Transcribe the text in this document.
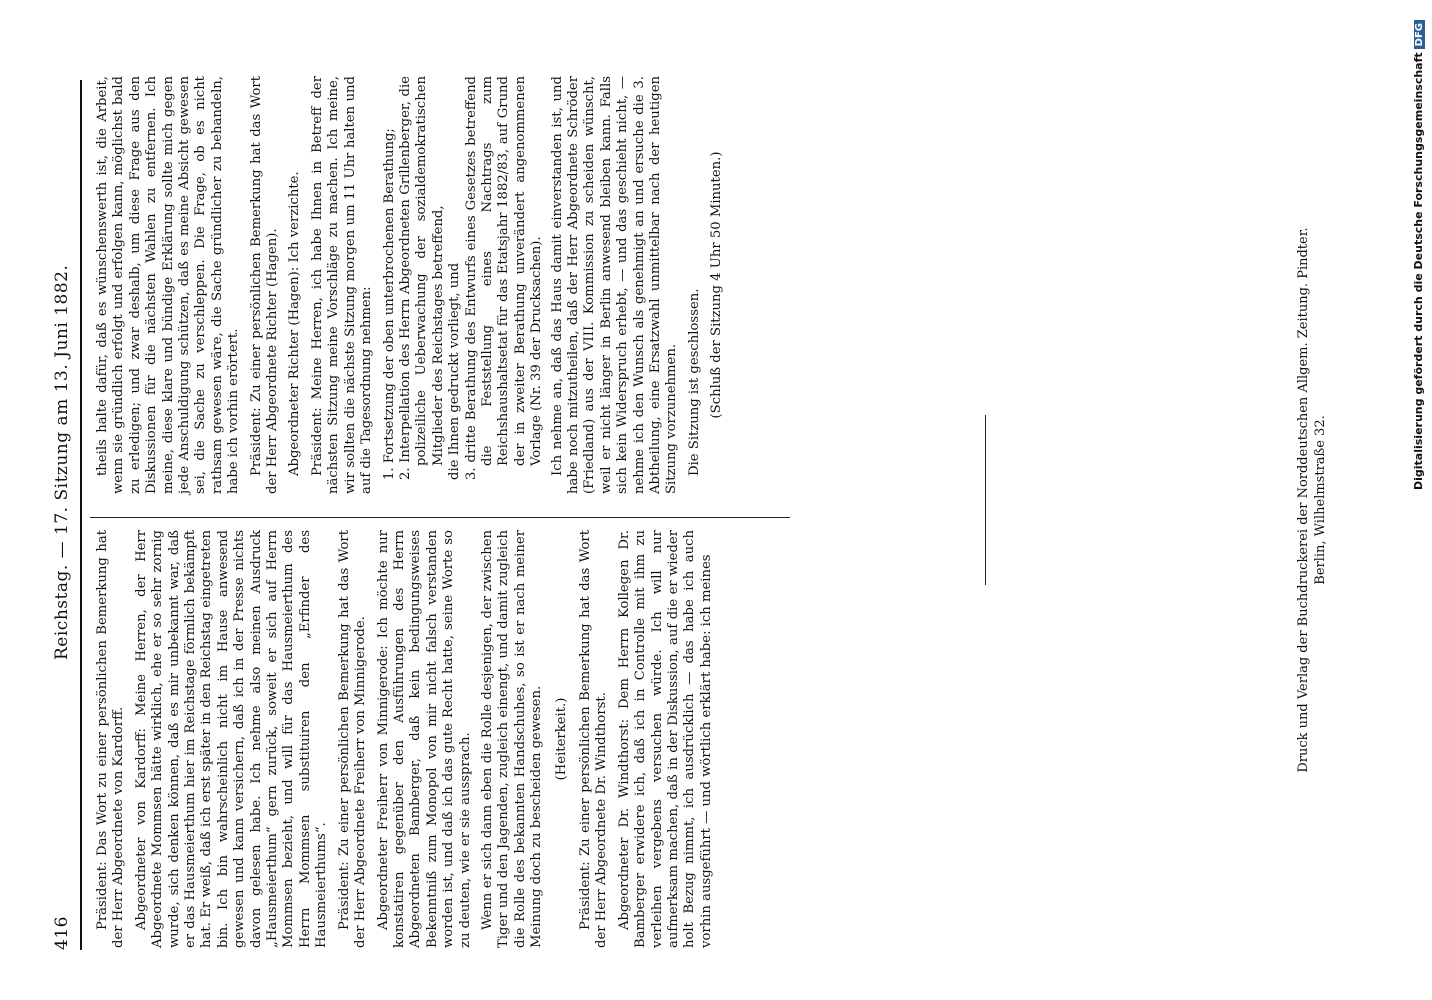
416
Reichstag. — 17. Sitzung am 13. Juni 1882.

Präsident: Das Wort zu einer persönlichen Bemerkung hat der Herr Abgeordnete von Kardorff. Abgeordneter von Kardorff: Meine Herren, der Herr Abgeordnete Mommsen hätte wirklich, ehe er so sehr zornig wurde, sich denken können, daß es mir unbekannt war, daß er das Hausmeierthum hier im Reichstage förmlich bekämpft hat. Er weiß, daß ich erst später in den Reichstag eingetreten bin. Ich bin wahrscheinlich nicht im Hause anwesend gewesen und kann versichern, daß ich in der Presse nichts davon gelesen habe. Ich nehme also meinen Ausdruck „Hausmeierthum“ gern zurück, soweit er sich auf Herrn Mommsen bezieht, und will für das Hausmeierthum des Herrn Mommsen substituiren den „Erfinder des Hausmeierthums“. Präsident: Zu einer persönlichen Bemerkung hat das Wort der Herr Abgeordnete Freiherr von Minnigerode. Abgeordneter Freiherr von Minnigerode: Ich möchte nur konstatiren gegenüber den Ausführungen des Herrn Abgeordneten Bamberger, daß kein bedingungsweises Bekenntniß zum Monopol von mir nicht falsch verstanden worden ist, und daß ich das gute Recht hatte, seine Worte so zu deuten, wie er sie aussprach. Wenn er sich dann eben die Rolle desjenigen, der zwischen Tiger und den Jagenden, zugleich einengt, und damit zugleich die Rolle des bekannten Handschuhes, so ist er nach meiner Meinung doch zu bescheiden gewesen. (Heiterkeit.) Präsident: Zu einer persönlichen Bemerkung hat das Wort der Herr Abgeordnete Dr. Windthorst. Abgeordneter Dr. Windthorst: Dem Herrn Kollegen Dr. Bamberger erwidere ich, daß ich in Controlle mit ihm zu verleihen vergebens versuchen würde. Ich will nur aufmerksam machen, daß in der Diskussion, auf die er wieder holt Bezug nimmt, ich ausdrücklich — das habe ich auch vorhin ausgeführt — und wörtlich erklärt habe: ich meines

theils halte dafür, daß es wünschenswerth ist, die Arbeit, wenn sie gründlich erfolgt und erfolgen kann, möglichst bald zu erledigen; und zwar deshalb, um diese Frage aus den Diskussionen für die nächsten Wahlen zu entfernen. Ich meine, diese klare und bündige Erklärung sollte mich gegen jede Anschuldigung schützen, daß es meine Absicht gewesen sei, die Sache zu verschleppen. Die Frage, ob es nicht rathsam gewesen wäre, die Sache gründlicher zu behandeln, habe ich vorhin erörtert. Präsident: Zu einer persönlichen Bemerkung hat das Wort der Herr Abgeordnete Richter (Hagen). Abgeordneter Richter (Hagen): Ich verzichte. Präsident: Meine Herren, ich habe Ihnen in Betreff der nächsten Sitzung meine Vorschläge zu machen. Ich meine, wir sollten die nächste Sitzung morgen um 11 Uhr halten und auf die Tagesordnung nehmen: 1. Fortsetzung der oben unterbrochenen Berathung; 2. Interpellation des Herrn Abgeordneten Grillenberger, die polizeiliche Ueberwachung der sozialdemokratischen Mitglieder des Reichstages betreffend, die Ihnen gedruckt vorliegt, und 3. dritte Berathung des Entwurfs eines Gesetzes betreffend die Feststellung eines Nachtrags zum Reichshaushaltsetat für das Etatsjahr 1882/83, auf Grund der in zweiter Berathung unverändert angenommenen Vorlage (Nr. 39 der Drucksachen). Ich nehme an, daß das Haus damit einverstanden ist, und habe noch mitzutheilen, daß der Herr Abgeordnete Schröder (Friedland) aus der VIII. Kommission zu scheiden wünscht, weil er nicht länger in Berlin anwesend bleiben kann. Falls sich kein Widerspruch erhebt, — und das geschieht nicht, — nehme ich den Wunsch als genehmigt an und ersuche die 3. Abtheilung, eine Ersatzwahl unmittelbar nach der heutigen Sitzung vorzunehmen. Die Sitzung ist geschlossen. (Schluß der Sitzung 4 Uhr 50 Minuten.)	Druck und Verlag der Buchdruckerei der Norddeutschen Allgem. Zeitung. Pindter. Berlin, Wilhelmstraße 32.
Digitalisierung gefördert durch die Deutsche ForschungsgemeinschaftDFG
